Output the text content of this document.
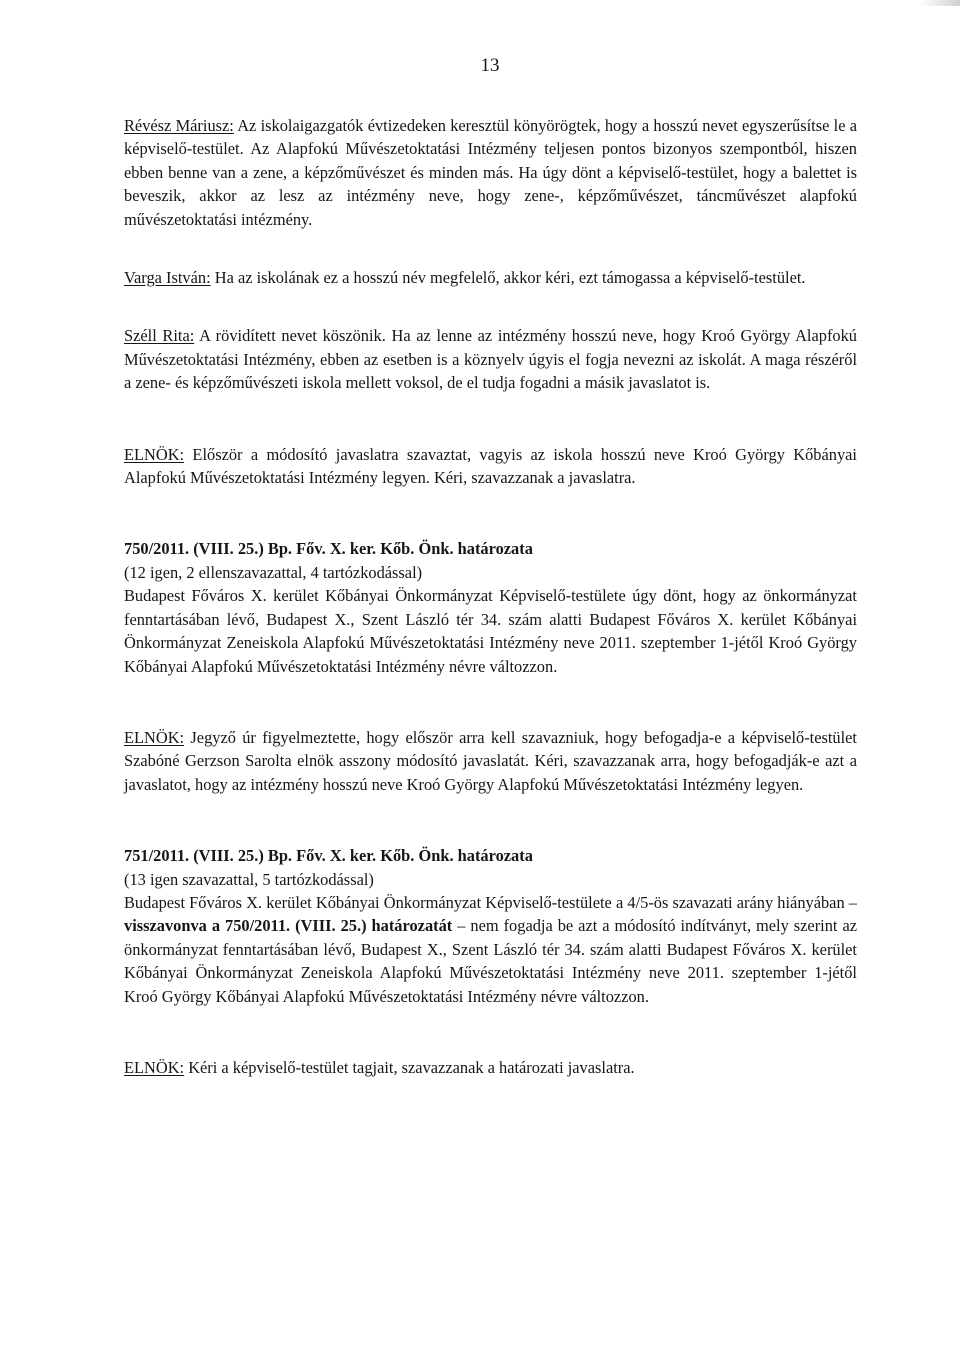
13

Révész Máriusz: Az iskolaigazgatók évtizedeken keresztül könyörögtek, hogy a hosszú nevet egyszerűsítse le a képviselő-testület. Az Alapfokú Művészetoktatási Intézmény teljesen pontos bizonyos szempontból, hiszen ebben benne van a zene, a képzőművészet és minden más. Ha úgy dönt a képviselő-testület, hogy a balettet is beveszik, akkor az lesz az intézmény neve, hogy zene-, képzőművészet, táncművészet alapfokú művészetoktatási intézmény.

Varga István: Ha az iskolának ez a hosszú név megfelelő, akkor kéri, ezt támogassa a képviselő-testület.

Széll Rita: A rövidített nevet köszönik. Ha az lenne az intézmény hosszú neve, hogy Kroó György Alapfokú Művészetoktatási Intézmény, ebben az esetben is a köznyelv úgyis el fogja nevezni az iskolát. A maga részéről a zene- és képzőművészeti iskola mellett voksol, de el tudja fogadni a másik javaslatot is.

ELNÖK: Először a módosító javaslatra szavaztat, vagyis az iskola hosszú neve Kroó György Kőbányai Alapfokú Művészetoktatási Intézmény legyen. Kéri, szavazzanak a javaslatra.

750/2011. (VIII. 25.) Bp. Főv. X. ker. Kőb. Önk. határozata
(12 igen, 2 ellenszavazattal, 4 tartózkodással)

Budapest Főváros X. kerület Kőbányai Önkormányzat Képviselő-testülete úgy dönt, hogy az önkormányzat fenntartásában lévő, Budapest X., Szent László tér 34. szám alatti Budapest Főváros X. kerület Kőbányai Önkormányzat Zeneiskola Alapfokú Művészetoktatási Intézmény neve 2011. szeptember 1-jétől Kroó György Kőbányai Alapfokú Művészetoktatási Intézmény névre változzon.

ELNÖK: Jegyző úr figyelmeztette, hogy először arra kell szavazniuk, hogy befogadja-e a képviselő-testület Szabóné Gerzson Sarolta elnök asszony módosító javaslatát. Kéri, szavazzanak arra, hogy befogadják-e azt a javaslatot, hogy az intézmény hosszú neve Kroó György Alapfokú Művészetoktatási Intézmény legyen.

751/2011. (VIII. 25.) Bp. Főv. X. ker. Kőb. Önk. határozata
(13 igen szavazattal, 5 tartózkodással)

Budapest Főváros X. kerület Kőbányai Önkormányzat Képviselő-testülete a 4/5-ös szavazati arány hiányában – visszavonva a 750/2011. (VIII. 25.) határozatát – nem fogadja be azt a módosító indítványt, mely szerint az önkormányzat fenntartásában lévő, Budapest X., Szent László tér 34. szám alatti Budapest Főváros X. kerület Kőbányai Önkormányzat Zeneiskola Alapfokú Művészetoktatási Intézmény neve 2011. szeptember 1-jétől Kroó György Kőbányai Alapfokú Művészetoktatási Intézmény névre változzon.

ELNÖK: Kéri a képviselő-testület tagjait, szavazzanak a határozati javaslatra.
